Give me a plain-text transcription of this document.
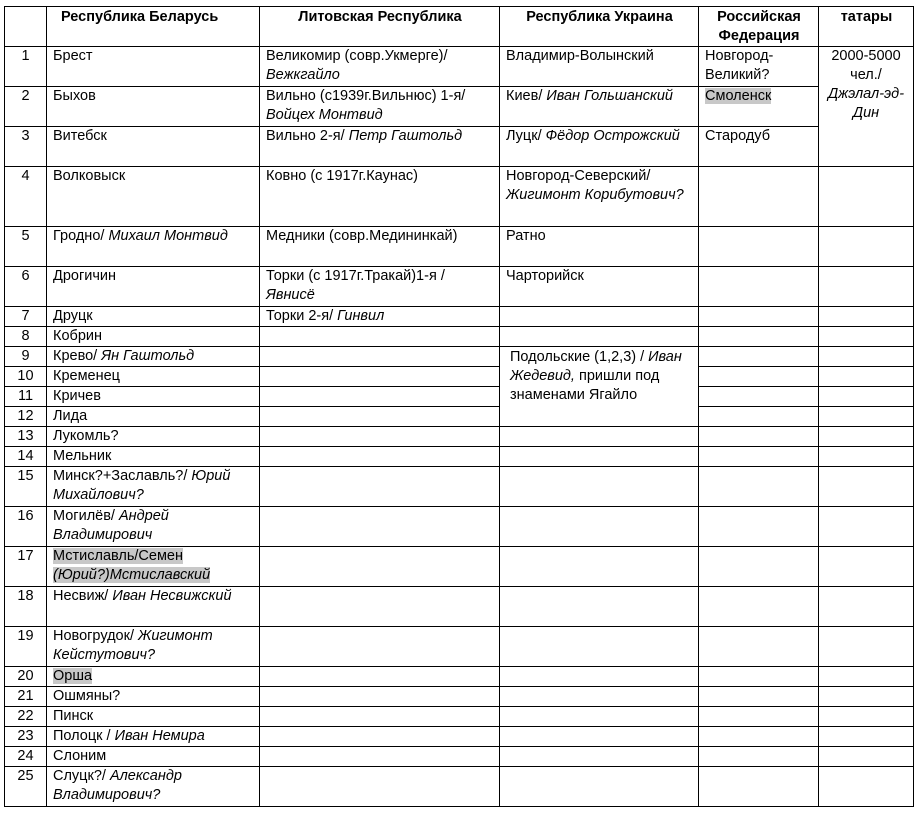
	Республика Беларусь	Литовская Республика	Республика Украина	Российская Федерация	татары
1	Брест	Великомир (совр.Укмерге)/ Вежкгайло	Владимир-Волынский	Новгород-Великий?	2000-5000 чел./ Джэлал-эд-Дин
2	Быхов	Вильно (с1939г.Вильнюс) 1-я/ Войцех Монтвид	Киев/ Иван Гольшанский	Смоленск	
3	Витебск	Вильно 2-я/ Петр Гаштольд	Луцк/ Фёдор Острожский	Стародуб	
4	Волковыск	Ковно (с 1917г.Каунас)	Новгород-Северский/ Жигимонт Корибутович?		
5	Гродно/ Михаил Монтвид	Медники (совр.Медининкай)	Ратно		
6	Дрогичин	Торки (с 1917г.Тракай)1-я / Явнисё	Чарторийск		
7	Друцк	Торки 2-я/ Гинвил			
8	Кобрин				
9	Крево/ Ян Гаштольд		Подольские (1,2,3) / Иван Жедевид, пришли под знаменами Ягайло		

10	Кременец				
11	Кричев				
12	Лида				
13	Лукомль?				
14	Мельник				
15	Минск?+Заславль?/ Юрий Михайлович?				
16	Могилёв/ Андрей Владимирович				
17	Мстиславль/Семен (Юрий?)Мстиславский				
18	Несвиж/ Иван Несвижский				
19	Новогрудок/ Жигимонт Кейстутович?				
20	Орша				
21	Ошмяны?				
22	Пинск				
23	Полоцк / Иван Немира				
24	Слоним				
25	Слуцк?/ Александр Владимирович?				
